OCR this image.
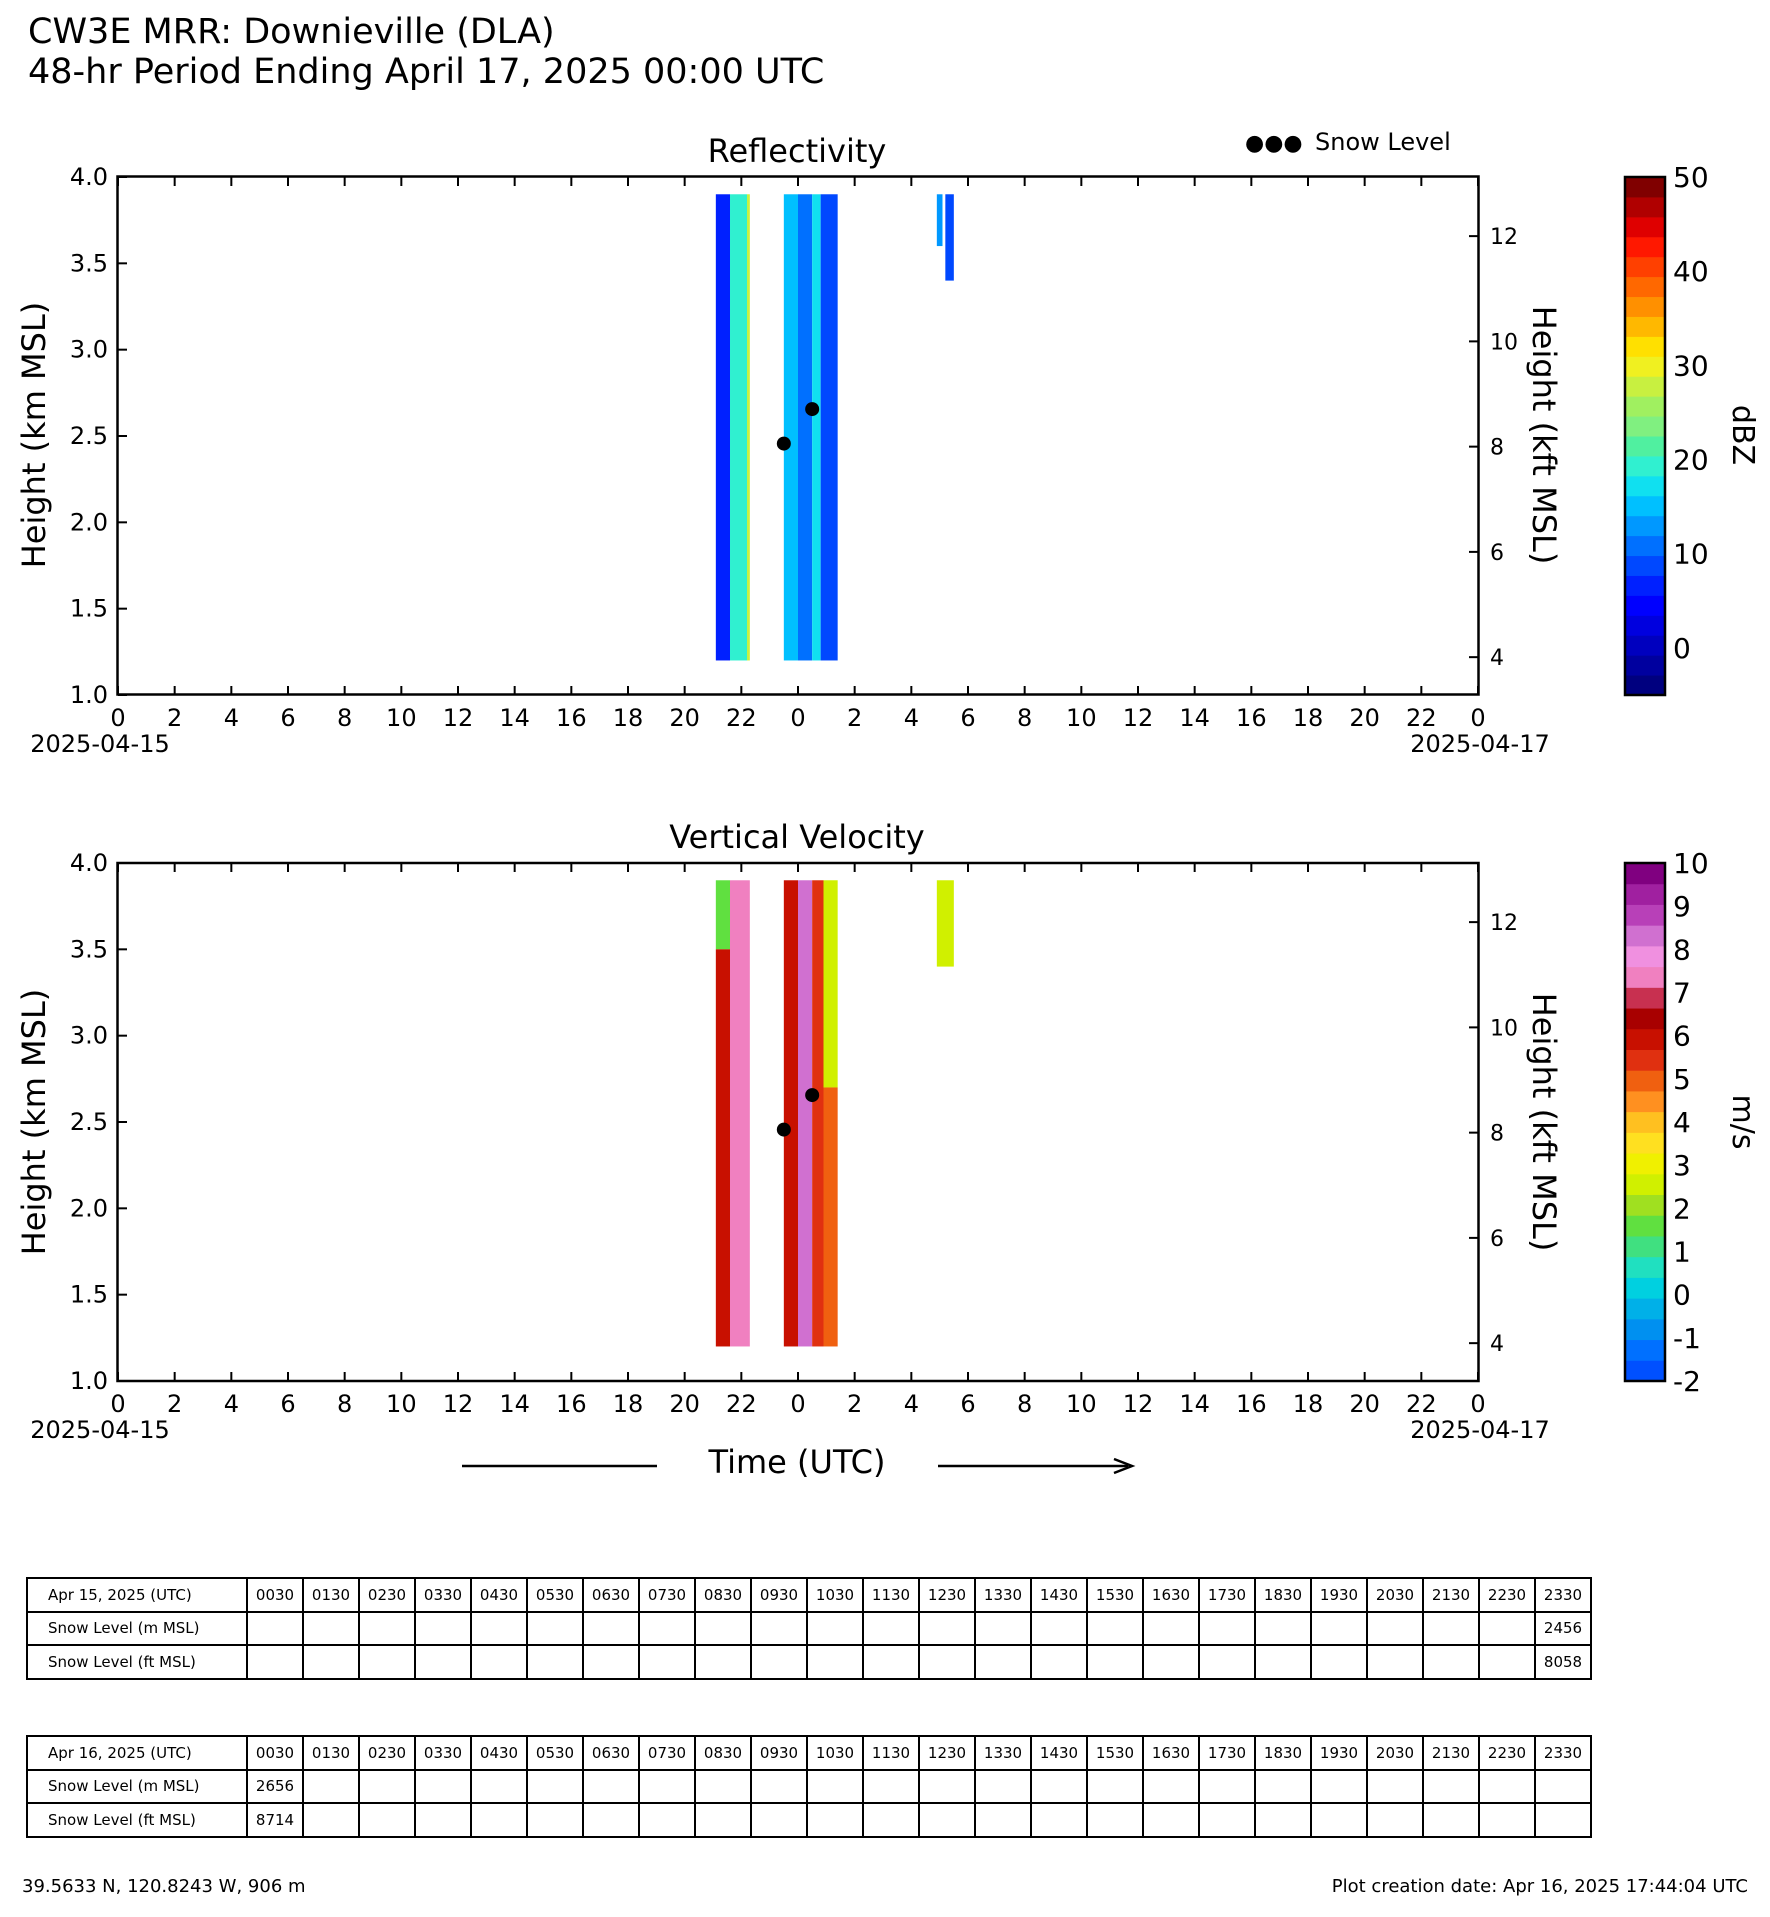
CW3E MRR: Downieville (DLA)
48-hr Period Ending April 17, 2025 00:00 UTC
●●● Snow Level
Reflectivity
0 2 4 6 8 10 12 14 16 18 20 22 0 2 4 6 8 10 12 14 16 18 20 22 0
1.0
1.5
2.0
2.5
3.0
3.5
4.0
4
6
8
10
12
Height (km MSL)	Height (kft MSL)
2025-04-15	2025-04-17
50
40
30
20
10
0
dBZ
Vertical Velocity
0 2 4 6 8 10 12 14 16 18 20 22 0 2 4 6 8 10 12 14 16 18 20 22 0
1.0
1.5
2.0
2.5
3.0
3.5
4.0
4
6
8
10
12
Height (km MSL)	Height (kft MSL)
2025-04-15	2025-04-17
10
9
8
7
6
5
4
3
2
1
0
-1
-2
m/s
Time (UTC)
Apr 15, 2025 (UTC)	0030	0130	0230	0330	0430	0530	0630	0730	0830	0930	1030	1130	1230	1330	1430	1530	1630	1730	1830	1930	2030	2130	2230	2330
Snow Level (m MSL)																								2456
Snow Level (ft MSL)																								8058
Apr 16, 2025 (UTC)	0030	0130	0230	0330	0430	0530	0630	0730	0830	0930	1030	1130	1230	1330	1430	1530	1630	1730	1830	1930	2030	2130	2230	2330
Snow Level (m MSL)	2656																							
Snow Level (ft MSL)	8714																							
39.5633 N, 120.8243 W, 906 m	Plot creation date: Apr 16, 2025 17:44:04 UTC
